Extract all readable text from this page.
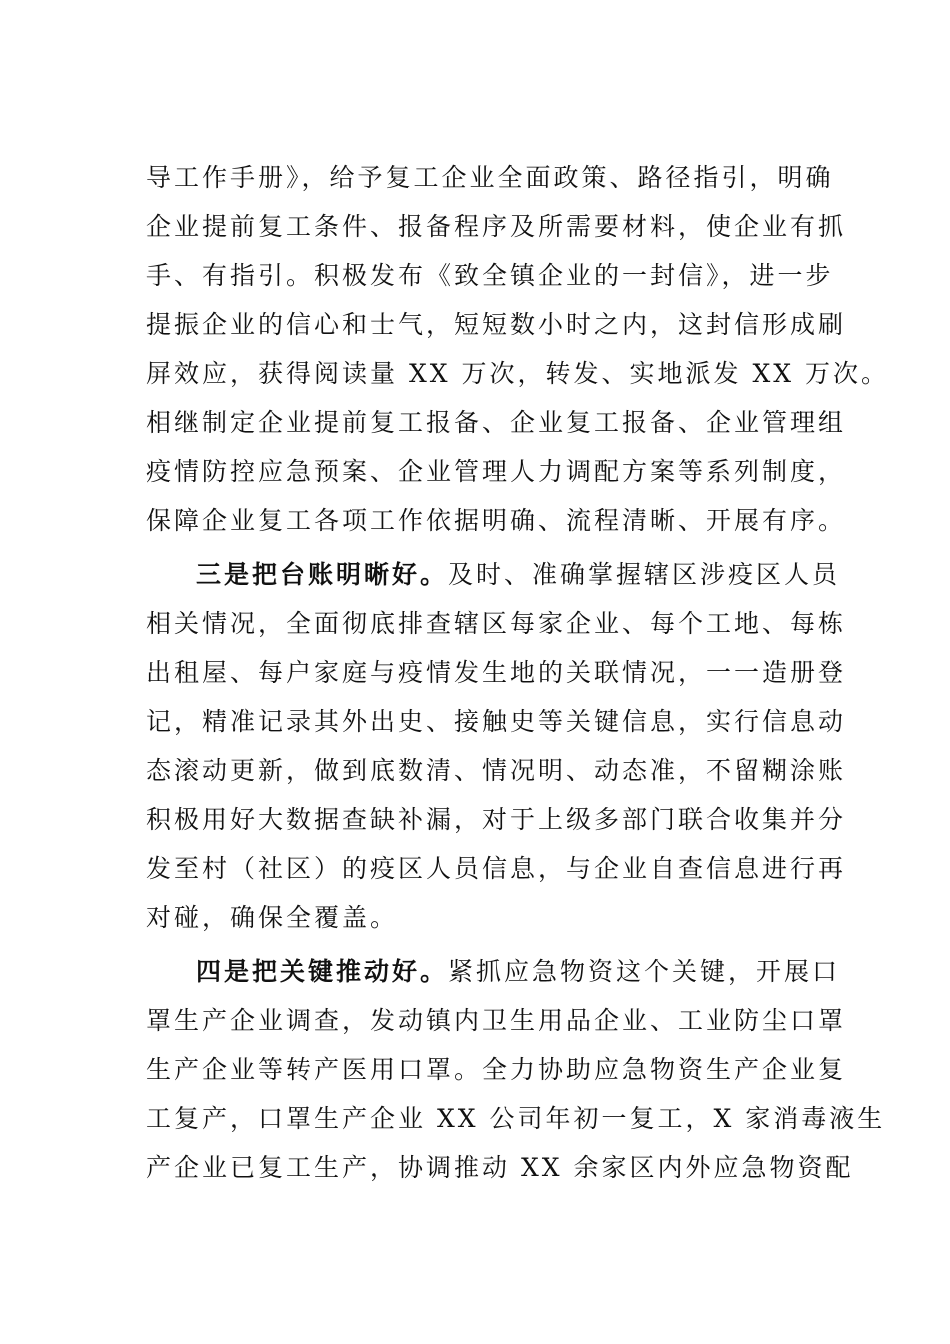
导工作手册》，给予复工企业全面政策、路径指引，明确
企业提前复工条件、报备程序及所需要材料，使企业有抓
手、有指引。积极发布《致全镇企业的一封信》，进一步
提振企业的信心和士气，短短数小时之内，这封信形成刷
屏效应，获得阅读量 XX 万次，转发、实地派发 XX 万次。
相继制定企业提前复工报备、企业复工报备、企业管理组
疫情防控应急预案、企业管理人力调配方案等系列制度，
保障企业复工各项工作依据明确、流程清晰、开展有序。
三是把台账明晰好。及时、准确掌握辖区涉疫区人员
相关情况，全面彻底排查辖区每家企业、每个工地、每栋
出租屋、每户家庭与疫情发生地的关联情况，一一造册登
记，精准记录其外出史、接触史等关键信息，实行信息动
态滚动更新，做到底数清、情况明、动态准，不留糊涂账
积极用好大数据查缺补漏，对于上级多部门联合收集并分
发至村（社区）的疫区人员信息，与企业自查信息进行再
对碰，确保全覆盖。
四是把关键推动好。紧抓应急物资这个关键，开展口
罩生产企业调查，发动镇内卫生用品企业、工业防尘口罩
生产企业等转产医用口罩。全力协助应急物资生产企业复
工复产，口罩生产企业 XX 公司年初一复工，X 家消毒液生
产企业已复工生产，协调推动 XX 余家区内外应急物资配
